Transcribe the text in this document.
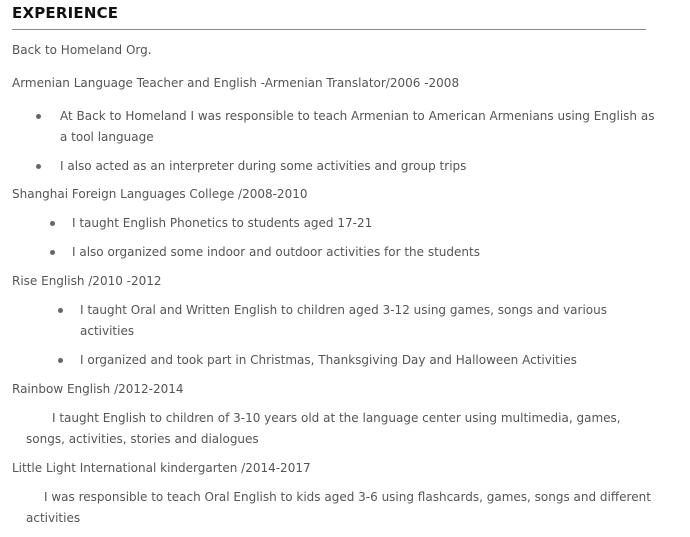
EXPERIENCE
Back to Homeland Org.
Armenian Language Teacher and English -Armenian Translator/2006 -2008
At Back to Homeland I was responsible to teach Armenian to American Armenians using English as
a tool language
I also acted as an interpreter during some activities and group trips
Shanghai Foreign Languages College /2008-2010
I taught English Phonetics to students aged 17-21
I also organized some indoor and outdoor activities for the students
Rise English /2010 -2012
I taught Oral and Written English to children aged 3-12 using games, songs and various
activities
I organized and took part in Christmas, Thanksgiving Day and Halloween Activities
Rainbow English /2012-2014
I taught English to children of 3-10 years old at the language center using multimedia, games,
songs, activities, stories and dialogues
Little Light International kindergarten /2014-2017
I was responsible to teach Oral English to kids aged 3-6 using flashcards, games, songs and different
activities
